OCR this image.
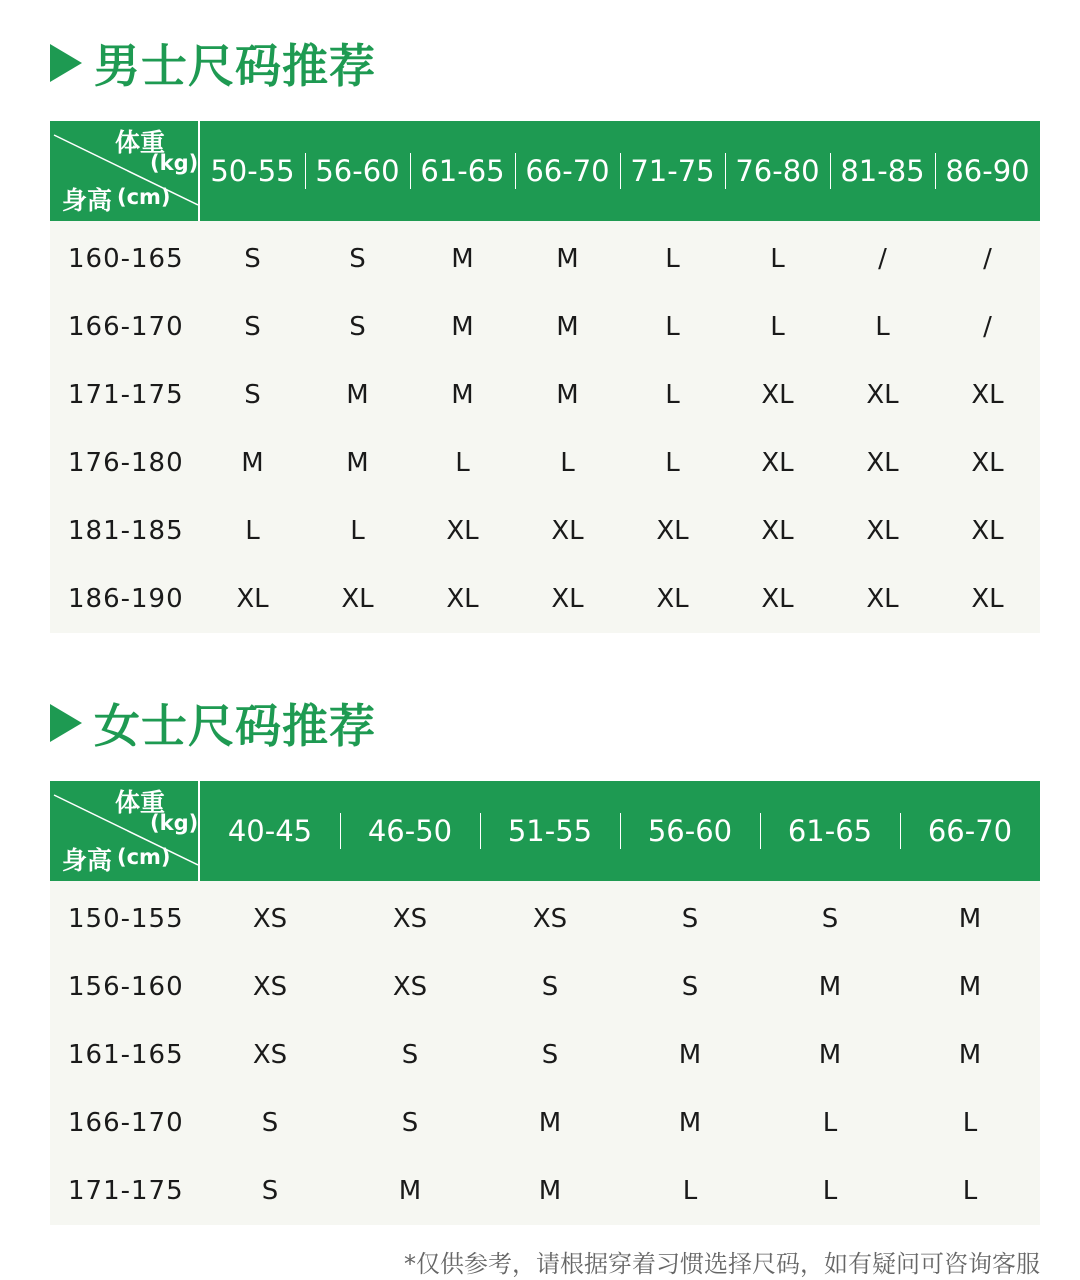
男士尺码推荐
体重
(kg)
身高 (cm)
50-55 56-60 61-65 66-70 71-75 76-80 81-85 86-90
160-165	S	S	M	M	L	L	/	/
166-170	S	S	M	M	L	L	L	/
171-175	S	M	M	M	L	XL	XL	XL
176-180	M	M	L	L	L	XL	XL	XL
181-185	L	L	XL	XL	XL	XL	XL	XL
186-190	XL	XL	XL	XL	XL	XL	XL	XL
女士尺码推荐
体重
(kg)
身高 (cm)
40-45	46-50	51-55	56-60	61-65	66-70
150-155	XS	XS	XS	S	S	M
156-160	XS	XS	S	S	M	M
161-165	XS	S	S	M	M	M
166-170	S	S	M	M	L	L
171-175	S	M	M	L	L	L
*仅供参考，请根据穿着习惯选择尺码，如有疑问可咨询客服
